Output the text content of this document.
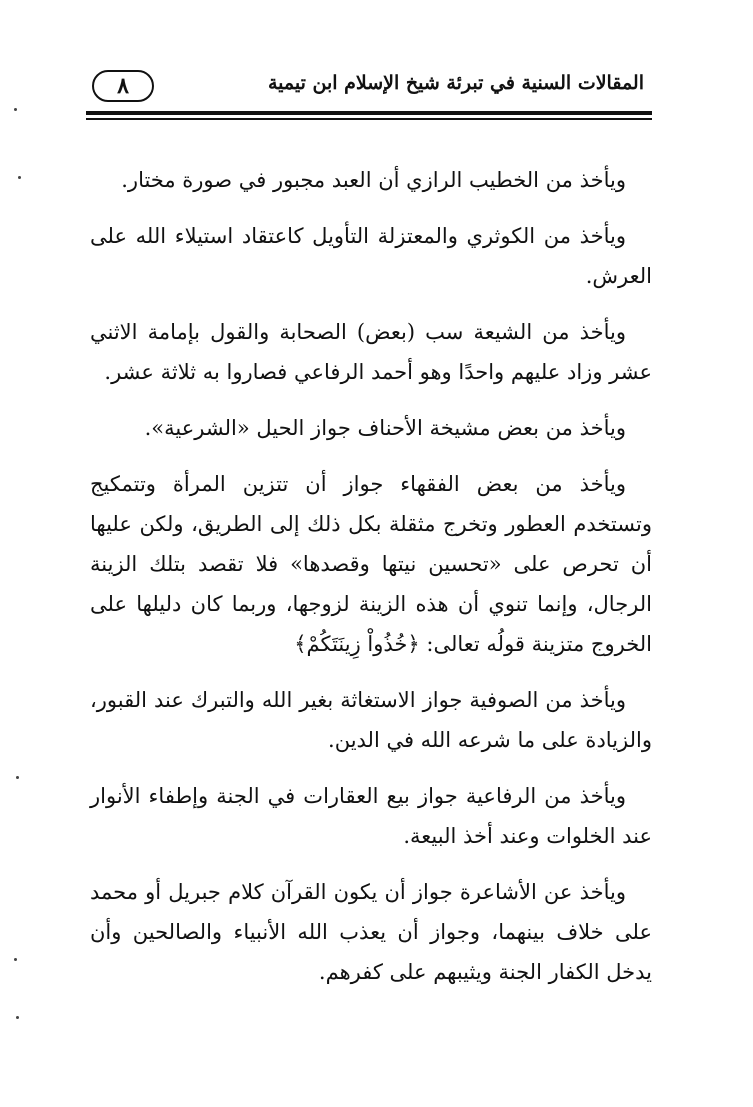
٨	المقالات السنية في تبرئة شيخ الإسلام ابن تيمية

ويأخذ من الخطيب الرازي أن العبد مجبور في صورة مختار.

ويأخذ من الكوثري والمعتزلة التأويل كاعتقاد استيلاء الله على العرش.

ويأخذ من الشيعة سب (بعض) الصحابة والقول بإمامة الاثني عشر وزاد عليهم واحدًا وهو أحمد الرفاعي فصاروا به ثلاثة عشر.

ويأخذ من بعض مشيخة الأحناف جواز الحيل «الشرعية».

ويأخذ من بعض الفقهاء جواز أن تتزين المرأة وتتمكيج وتستخدم العطور وتخرج مثقلة بكل ذلك إلى الطريق، ولكن عليها أن تحرص على «تحسين نيتها وقصدها» فلا تقصد بتلك الزينة الرجال، وإنما تنوي أن هذه الزينة لزوجها، وربما كان دليلها على الخروج متزينة قولُه تعالى: ﴿خُذُواْ زِينَتَكُمْ﴾

ويأخذ من الصوفية جواز الاستغاثة بغير الله والتبرك عند القبور، والزيادة على ما شرعه الله في الدين.

ويأخذ من الرفاعية جواز بيع العقارات في الجنة وإطفاء الأنوار عند الخلوات وعند أخذ البيعة.

ويأخذ عن الأشاعرة جواز أن يكون القرآن كلام جبريل أو محمد على خلاف بينهما، وجواز أن يعذب الله الأنبياء والصالحين وأن يدخل الكفار الجنة ويثيبهم على كفرهم.
